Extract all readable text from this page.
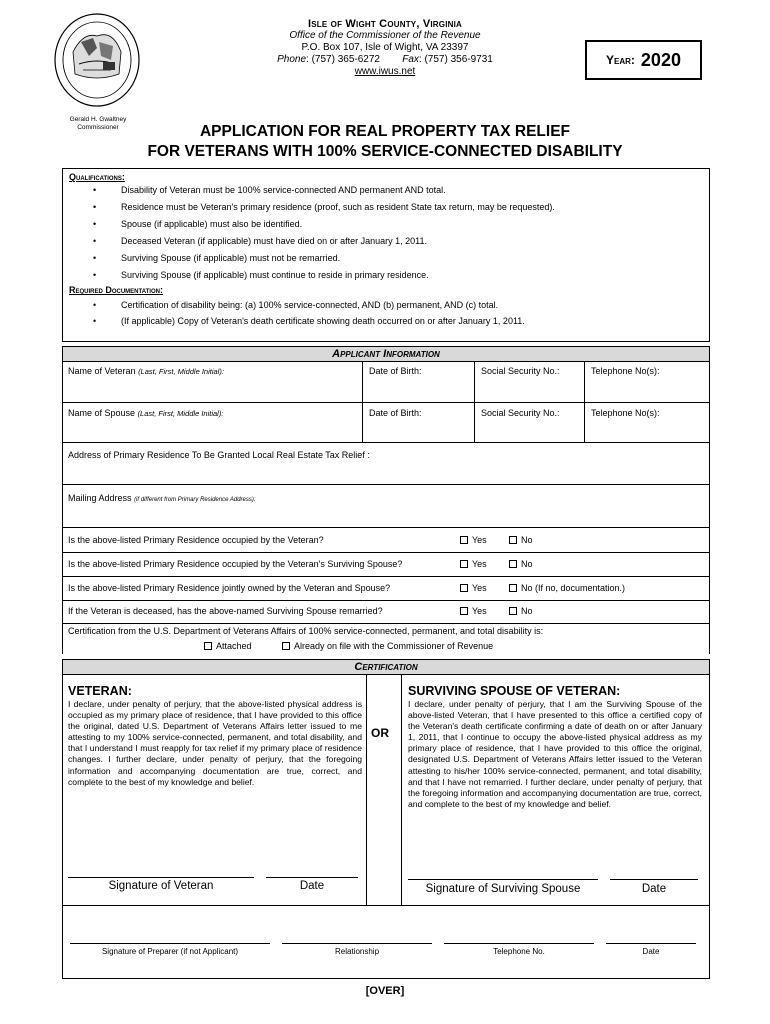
Gerald H. Gwaltney
Commissioner
Isle of Wight County, Virginia
Office of the Commissioner of the Revenue
P.O. Box 107, Isle of Wight, VA 23397
Phone: (757) 365-6272 Fax: (757) 356-9731
www.iwus.net
Year: 2020
APPLICATION FOR REAL PROPERTY TAX RELIEF
FOR VETERANS WITH 100% SERVICE-CONNECTED DISABILITY
Qualifications:
• Disability of Veteran must be 100% service-connected AND permanent AND total.
• Residence must be Veteran's primary residence (proof, such as resident State tax return, may be requested).
• Spouse (if applicable) must also be identified.
• Deceased Veteran (if applicable) must have died on or after January 1, 2011.
• Surviving Spouse (if applicable) must not be remarried.
• Surviving Spouse (if applicable) must continue to reside in primary residence.
Required Documentation:
• Certification of disability being: (a) 100% service-connected, AND (b) permanent, AND (c) total.
• (If applicable) Copy of Veteran's death certificate showing death occurred on or after January 1, 2011.
Applicant Information
Name of Veteran (Last, First, Middle Initial):	Date of Birth:	Social Security No.:	Telephone No(s):
Name of Spouse (Last, First, Middle Initial):	Date of Birth:	Social Security No.:	Telephone No(s):
Address of Primary Residence To Be Granted Local Real Estate Tax Relief :
Mailing Address (if different from Primary Residence Address):
Is the above-listed Primary Residence occupied by the Veteran?	Yes	No
Is the above-listed Primary Residence occupied by the Veteran's Surviving Spouse?	Yes	No
Is the above-listed Primary Residence jointly owned by the Veteran and Spouse?	Yes	No (If no, documentation.)
If the Veteran is deceased, has the above-named Surviving Spouse remarried?	Yes	No
Certification from the U.S. Department of Veterans Affairs of 100% service-connected, permanent, and total disability is:
Attached	Already on file with the Commissioner of Revenue
Certification
VETERAN:

I declare, under penalty of perjury, that the above-listed physical address is occupied as my primary place of residence, that I have provided to this office the original, dated U.S. Department of Veterans Affairs letter issued to me attesting to my 100% service-connected, permanent, and total disability, and that I understand I must reapply for tax relief if my primary place of residence changes. I further declare, under penalty of perjury, that the foregoing information and accompanying documentation are true, correct, and complete to the best of my knowledge and belief.

OR
SURVIVING SPOUSE OF VETERAN:

I declare, under penalty of perjury, that I am the Surviving Spouse of the above-listed Veteran, that I have presented to this office a certified copy of the Veteran's death certificate confirming a date of death on or after January 1, 2011, that I continue to occupy the above-listed physical address as my primary place of residence, that I have provided to this office the original, designated U.S. Department of Veterans Affairs letter issued to the Veteran attesting to his/her 100% service-connected, permanent, and total disability, and that I have not remarried. I further declare, under penalty of perjury, that the foregoing information and accompanying documentation are true, correct, and complete to the best of my knowledge and belief.

Signature of Veteran	Date	Signature of Surviving Spouse	Date
Signature of Preparer (if not Applicant)	Relationship	Telephone No.	Date
[OVER]
